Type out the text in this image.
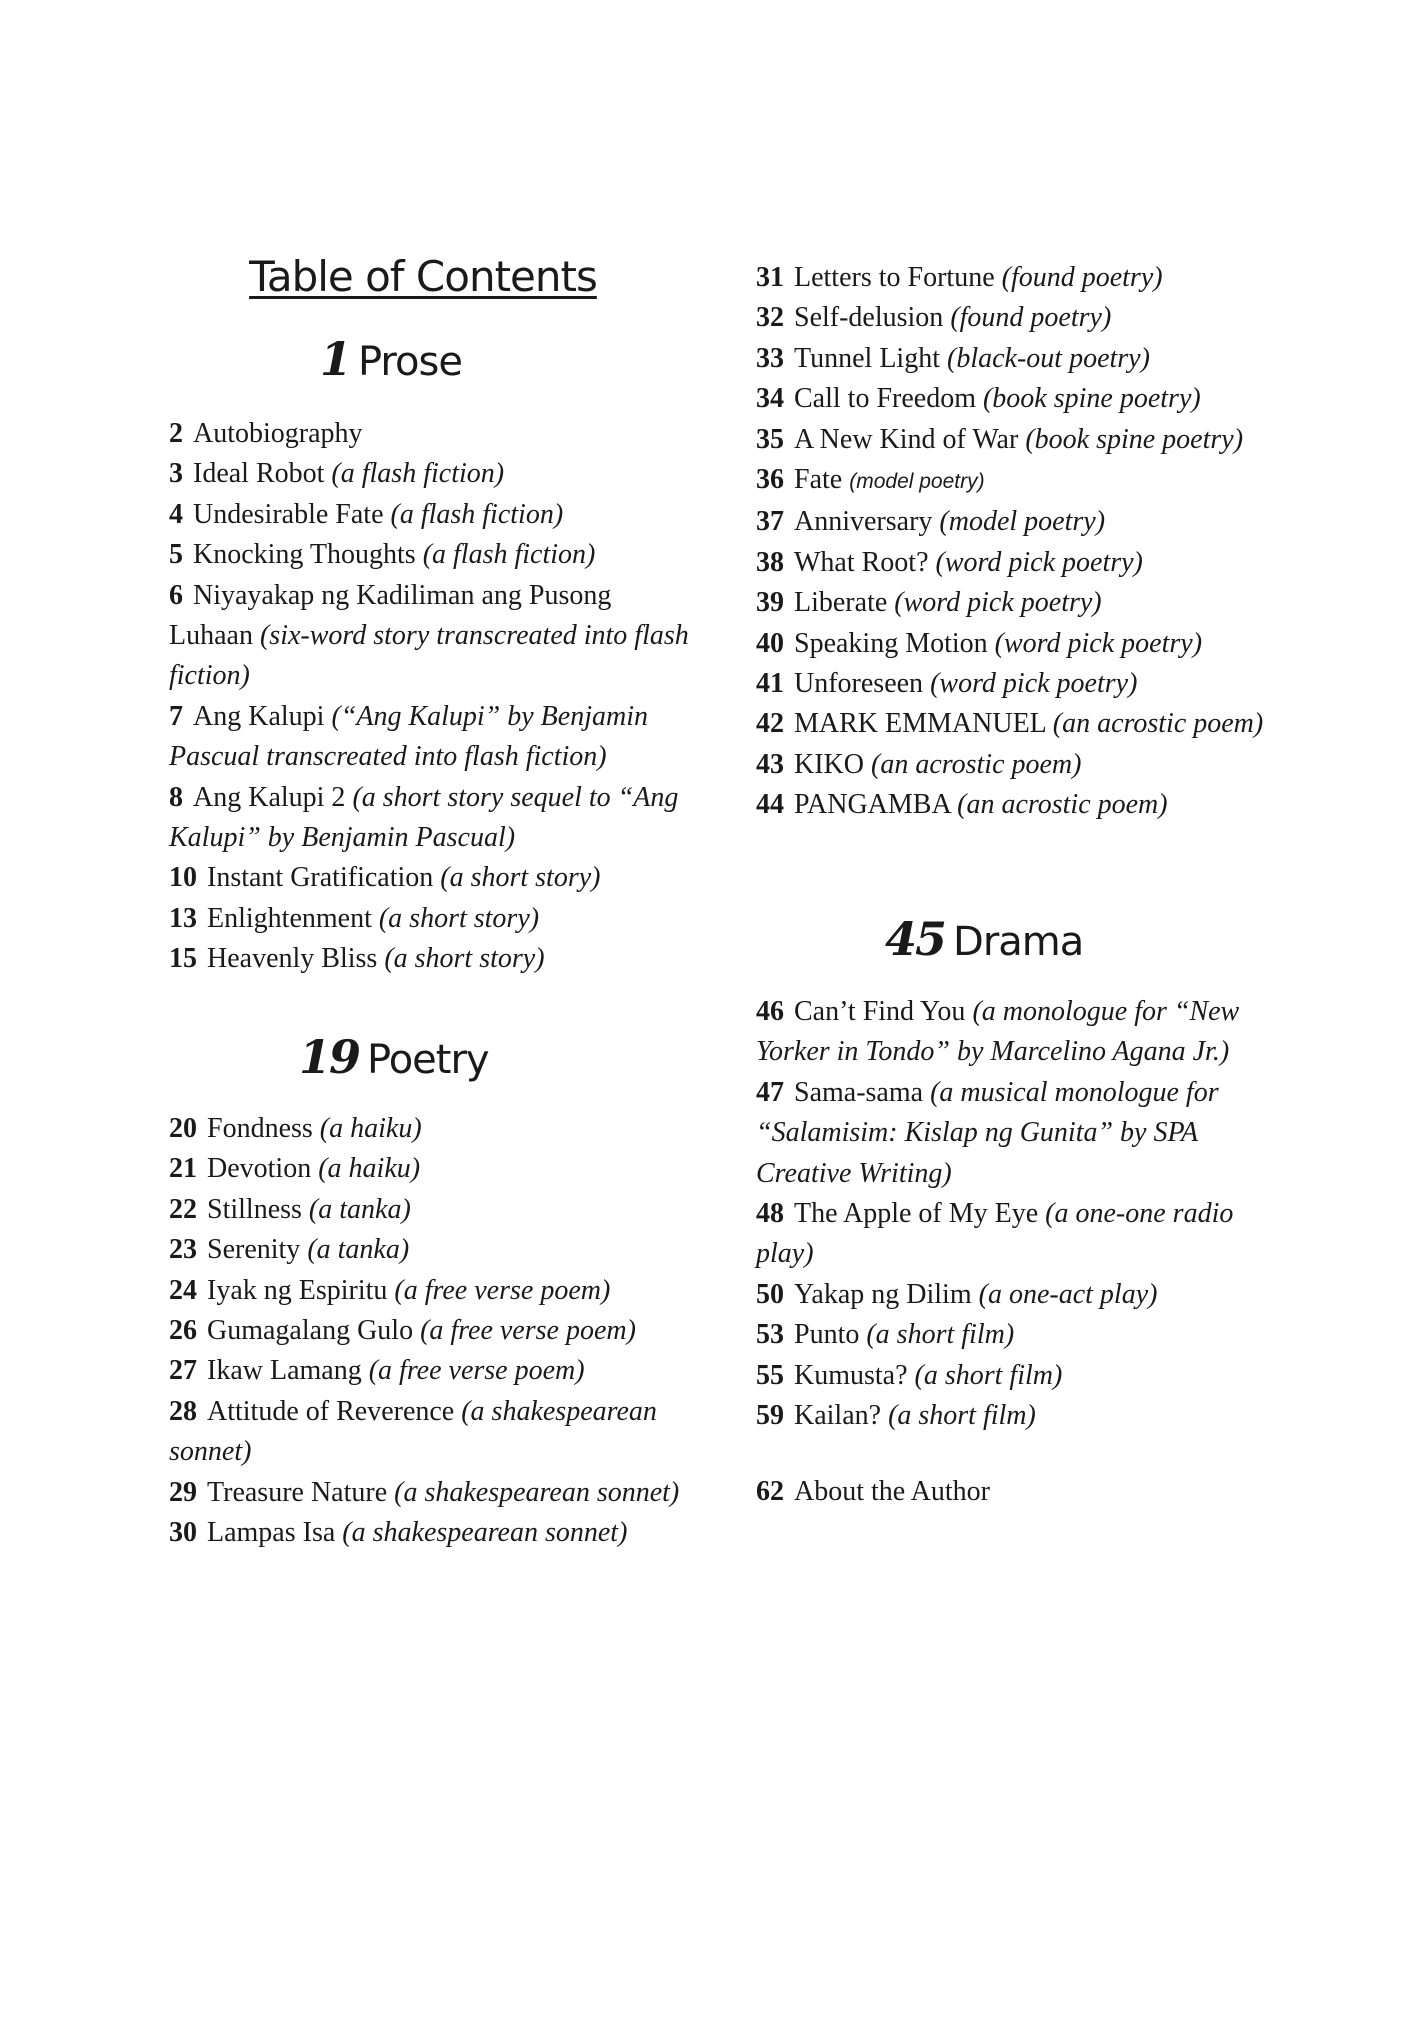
Table of Contents
1 Prose

2 Autobiography

3 Ideal Robot (a flash fiction)

4 Undesirable Fate (a flash fiction)

5 Knocking Thoughts (a flash fiction)

6 Niyayakap ng Kadiliman ang Pusong Luhaan (six-word story transcreated into flash fiction)

7 Ang Kalupi (“Ang Kalupi” by Benjamin Pascual transcreated into flash fiction)

8 Ang Kalupi 2 (a short story sequel to “Ang Kalupi” by Benjamin Pascual)

10 Instant Gratification (a short story)

13 Enlightenment (a short story)

15 Heavenly Bliss (a short story)

19 Poetry

20 Fondness (a haiku)

21 Devotion (a haiku)

22 Stillness (a tanka)

23 Serenity (a tanka)

24 Iyak ng Espiritu (a free verse poem)

26 Gumagalang Gulo (a free verse poem)

27 Ikaw Lamang (a free verse poem)

28 Attitude of Reverence (a shakespearean sonnet)

29 Treasure Nature (a shakespearean sonnet)

30 Lampas Isa (a shakespearean sonnet)

31 Letters to Fortune (found poetry)

32 Self-delusion (found poetry)

33 Tunnel Light (black-out poetry)

34 Call to Freedom (book spine poetry)

35 A New Kind of War (book spine poetry)

36 Fate (model poetry)

37 Anniversary (model poetry)

38 What Root? (word pick poetry)

39 Liberate (word pick poetry)

40 Speaking Motion (word pick poetry)

41 Unforeseen (word pick poetry)

42 MARK EMMANUEL (an acrostic poem)

43 KIKO (an acrostic poem)

44 PANGAMBA (an acrostic poem)

45 Drama

46 Can’t Find You (a monologue for “New Yorker in Tondo” by Marcelino Agana Jr.)

47 Sama-sama (a musical monologue for “Salamisim: Kislap ng Gunita” by SPA Creative Writing)

48 The Apple of My Eye (a one-one radio play)

50 Yakap ng Dilim (a one-act play)

53 Punto (a short film)

55 Kumusta? (a short film)

59 Kailan? (a short film)

62 About the Author
